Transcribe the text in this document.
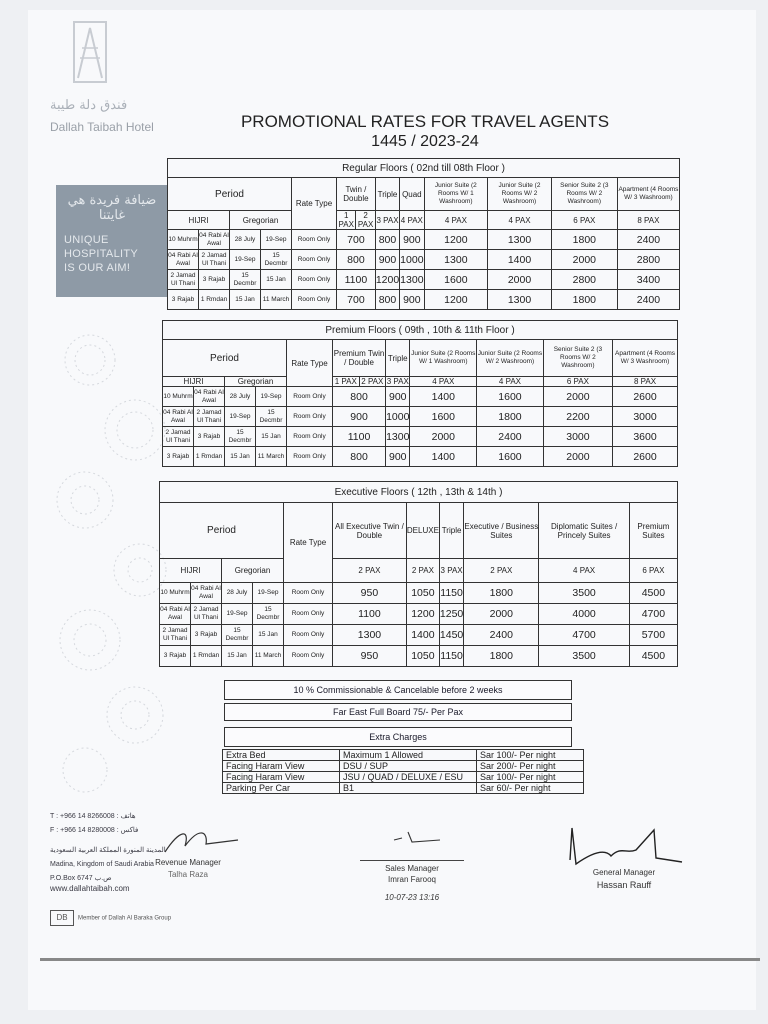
فندق دلة طيبة
Dallah Taibah Hotel
ضيافة فريدة هي غايتنا
UNIQUE
HOSPITALITY
IS OUR AIM!
T : +966 14 8266008 : هاتف
F : +966 14 8280008 : فاكس
المدينة المنورة المملكة العربية السعودية
Madina, Kingdom of Saudi Arabia
P.O.Box 6747 ص.ب
www.dallahtaibah.com
DB Member of Dallah Al Baraka Group
PROMOTIONAL RATES FOR TRAVEL AGENTS
1445 / 2023-24
Regular Floors ( 02nd till 08th Floor )												
Period				Rate Type	Twin / Double		Triple	Quad	Junior Suite (2 Rooms W/ 1 Washroom)	Junior Suite (2 Rooms W/ 2 Washroom)	Senior Suite 2 (3 Rooms W/ 2 Washroom)	Apartment (4 Rooms W/ 3 Washroom)

HIJRI		Gregorian			1 PAX	2 PAX	3 PAX	4 PAX	4 PAX	4 PAX	6 PAX	8 PAX
10 Muhrm	04 Rabi Al Awal	28 July	19-Sep	Room Only	700		800	900	1200	1300	1800	2400
04 Rabi Al Awal	2 Jamad Ul Thani	19-Sep	15 Decmbr	Room Only	800		900	1000	1300	1400	2000	2800
2 Jamad Ul Thani	3 Rajab	15 Decmbr	15 Jan	Room Only	1100		1200	1300	1600	2000	2800	3400
3 Rajab	1 Rmdan	15 Jan	11 March	Room Only	700		800	900	1200	1300	1800	2400
Premium Floors ( 09th , 10th & 11th Floor )											
Period				Rate Type	Premium Twin / Double		Triple	Junior Suite (2 Rooms W/ 1 Washroom)	Junior Suite (2 Rooms W/ 2 Washroom)	Senior Suite 2 (3 Rooms W/ 2 Washroom)	Apartment (4 Rooms W/ 3 Washroom)
HIJRI		Gregorian			1 PAX	2 PAX	3 PAX	4 PAX	4 PAX	6 PAX	8 PAX
10 Muhrm	04 Rabi Al Awal	28 July	19-Sep	Room Only	800		900	1400	1600	2000	2600
04 Rabi Al Awal	2 Jamad Ul Thani	19-Sep	15 Decmbr	Room Only	900		1000	1600	1800	2200	3000
2 Jamad Ul Thani	3 Rajab	15 Decmbr	15 Jan	Room Only	1100		1300	2000	2400	3000	3600
3 Rajab	1 Rmdan	15 Jan	11 March	Room Only	800		900	1400	1600	2000	2600
Executive Floors ( 12th , 13th & 14th )										
Period				Rate Type	All Executive Twin / Double	DELUXE	Triple	Executive / Business Suites	Diplomatic Suites / Princely Suites	Premium Suites
HIJRI		Gregorian			2 PAX	2 PAX	3 PAX	2 PAX	4 PAX	6 PAX

10 Muhrm	04 Rabi Al Awal	28 July	19-Sep	Room Only	950	1050	1150	1800	3500	4500
04 Rabi Al Awal	2 Jamad Ul Thani	19-Sep	15 Decmbr	Room Only	1100	1200	1250	2000	4000	4700
2 Jamad Ul Thani	3 Rajab	15 Decmbr	15 Jan	Room Only	1300	1400	1450	2400	4700	5700
3 Rajab	1 Rmdan	15 Jan	11 March	Room Only	950	1050	1150	1800	3500	4500
10 % Commissionable & Cancelable before 2 weeks
Far East Full Board 75/- Per Pax
Extra Charges
Extra Bed	Maximum 1 Allowed	Sar 100/- Per night
Facing Haram View	DSU / SUP	Sar 200/- Per night
Facing Haram View	JSU / QUAD / DELUXE / ESU	Sar 100/- Per night
Parking Per Car	B1	Sar 60/- Per night
Revenue Manager
Talha Raza
Sales Manager
Imran Farooq
10-07-23 13:16
General Manager
Hassan Rauff
